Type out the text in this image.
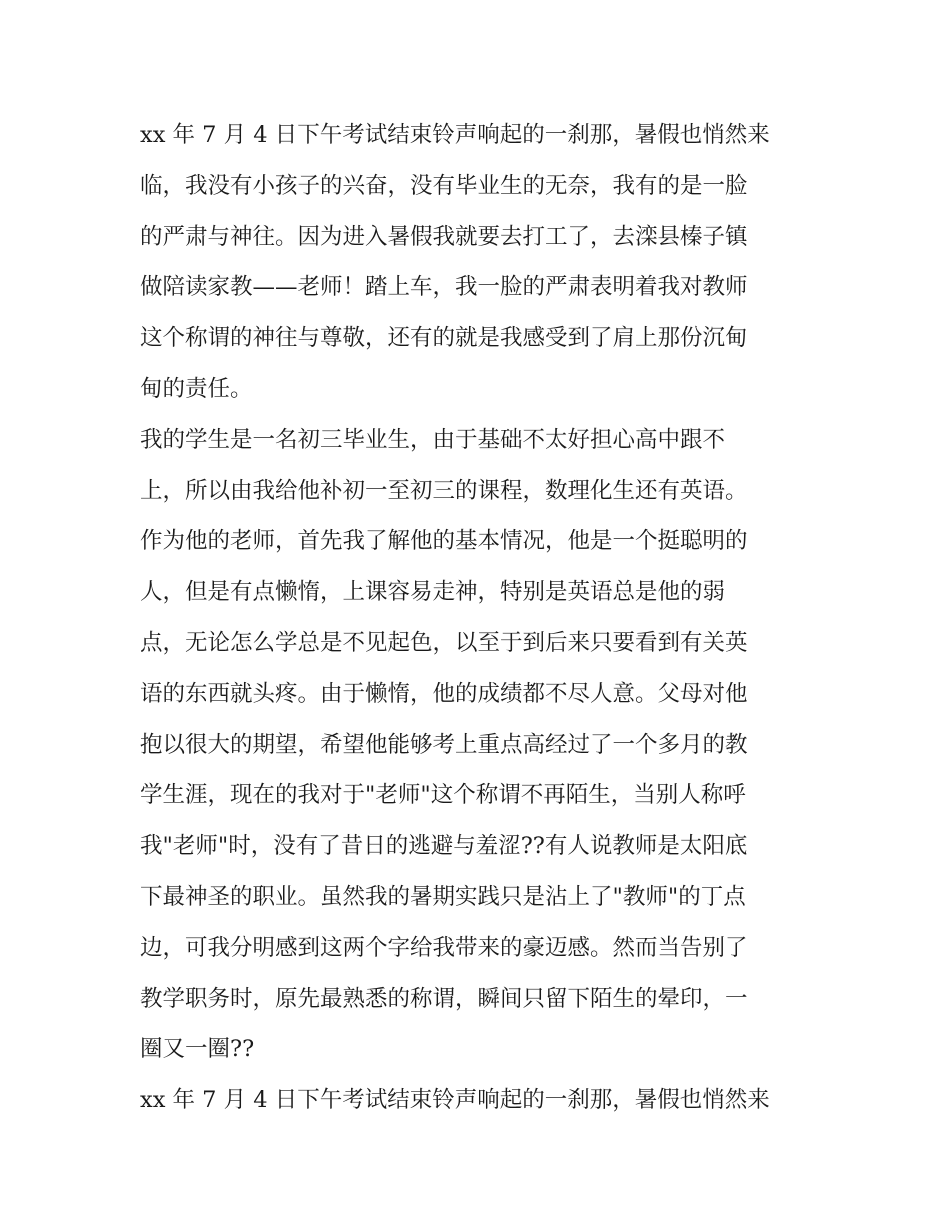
xx 年 7 月 4 日下午考试结束铃声响起的一刹那，暑假也悄然来
临，我没有小孩子的兴奋，没有毕业生的无奈，我有的是一脸
的严肃与神往。因为进入暑假我就要去打工了，去滦县榛子镇
做陪读家教——老师！踏上车，我一脸的严肃表明着我对教师
这个称谓的神往与尊敬，还有的就是我感受到了肩上那份沉甸
甸的责任。
我的学生是一名初三毕业生，由于基础不太好担心高中跟不
上，所以由我给他补初一至初三的课程，数理化生还有英语。
作为他的老师，首先我了解他的基本情况，他是一个挺聪明的
人，但是有点懒惰，上课容易走神，特别是英语总是他的弱
点，无论怎么学总是不见起色，以至于到后来只要看到有关英
语的东西就头疼。由于懒惰，他的成绩都不尽人意。父母对他
抱以很大的期望，希望他能够考上重点高经过了一个多月的教
学生涯，现在的我对于"老师"这个称谓不再陌生，当别人称呼
我"老师"时，没有了昔日的逃避与羞涩??有人说教师是太阳底
下最神圣的职业。虽然我的暑期实践只是沾上了"教师"的丁点
边，可我分明感到这两个字给我带来的豪迈感。然而当告别了
教学职务时，原先最熟悉的称谓，瞬间只留下陌生的晕印，一
圈又一圈??
xx 年 7 月 4 日下午考试结束铃声响起的一刹那，暑假也悄然来
